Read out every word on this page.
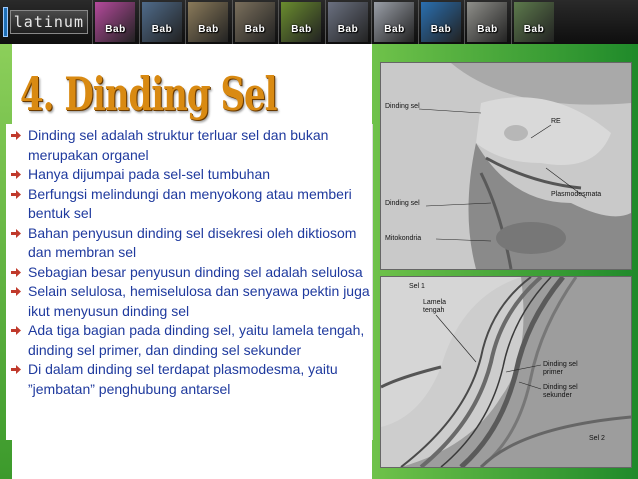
latinum	Bab	Bab	Bab	Bab	Bab	Bab	Bab	Bab	Bab	Bab
4. Dinding Sel
Dinding sel adalah struktur terluar sel dan bukan merupakan organel
Hanya dijumpai pada sel-sel tumbuhan
Berfungsi melindungi dan menyokong atau memberi bentuk sel
Bahan penyusun dinding sel disekresi oleh diktiosom dan membran sel
Sebagian besar penyusun dinding sel adalah selulosa
Selain selulosa, hemiselulosa dan senyawa pektin juga ikut menyusun dinding sel
Ada tiga bagian pada dinding sel, yaitu lamela tengah, dinding sel primer, dan dinding sel sekunder
Di dalam dinding sel terdapat plasmodesma, yaitu ”jembatan” penghubung antarsel
Dinding sel
RE
Plasmodesmata
Dinding sel
Mitokondria
Sel 1
Lamela
tengah
Dinding sel
primer
Dinding sel
sekunder
Sel 2
